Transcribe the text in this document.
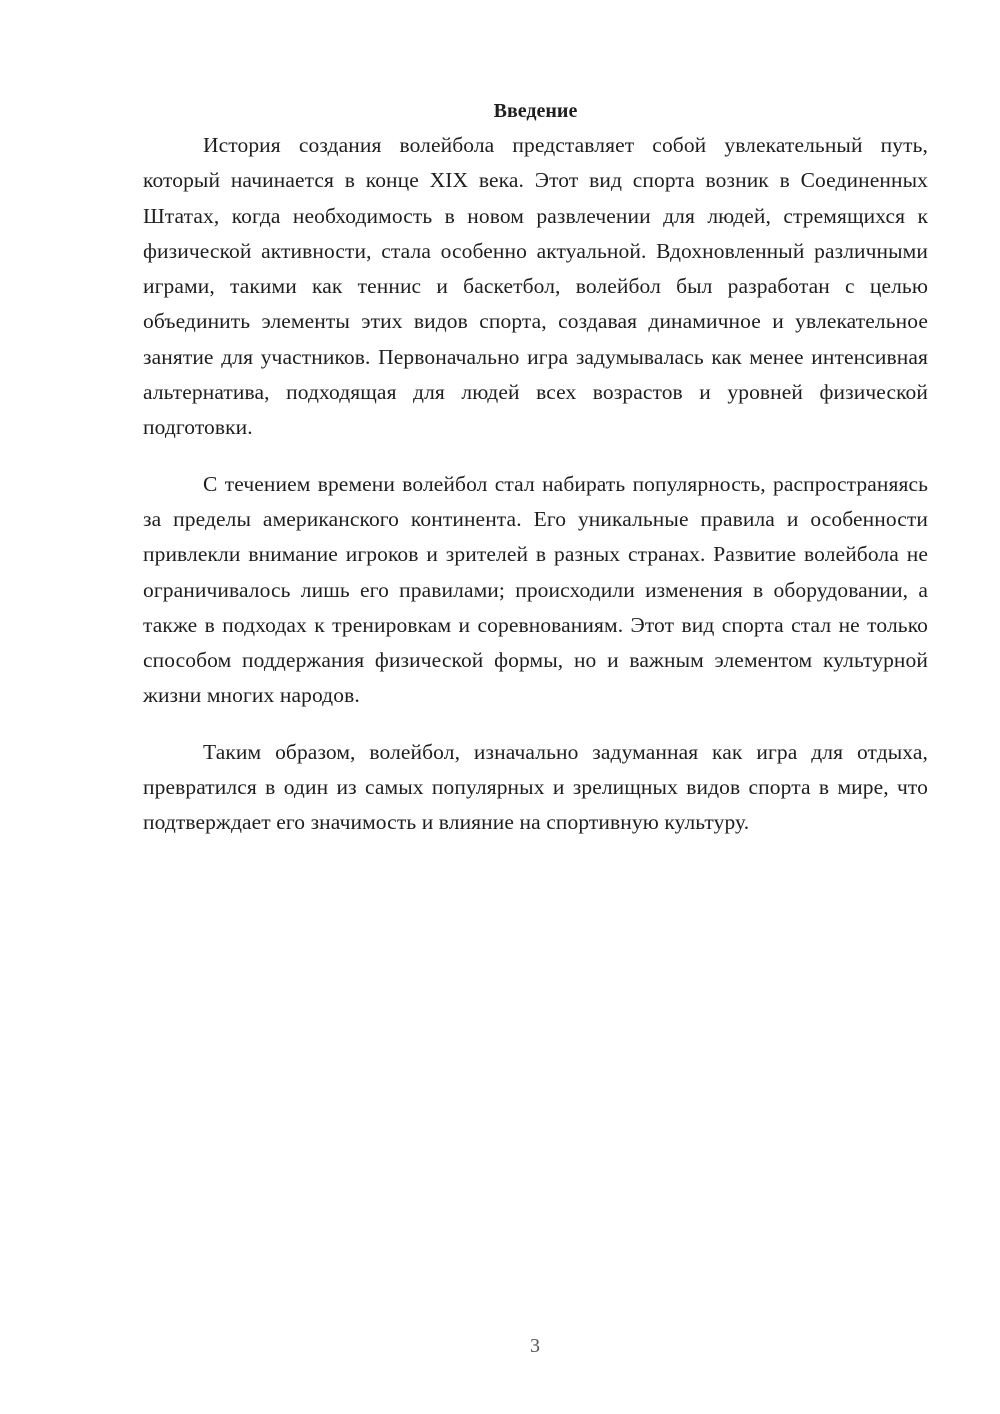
Введение

История создания волейбола представляет собой увлекательный путь, который начинается в конце XIX века. Этот вид спорта возник в Соединенных Штатах, когда необходимость в новом развлечении для людей, стремящихся к физической активности, стала особенно актуальной. Вдохновленный различными играми, такими как теннис и баскетбол, волейбол был разработан с целью объединить элементы этих видов спорта, создавая динамичное и увлекательное занятие для участников. Первоначально игра задумывалась как менее интенсивная альтернатива, подходящая для людей всех возрастов и уровней физической подготовки.

С течением времени волейбол стал набирать популярность, распространяясь за пределы американского континента. Его уникальные правила и особенности привлекли внимание игроков и зрителей в разных странах. Развитие волейбола не ограничивалось лишь его правилами; происходили изменения в оборудовании, а также в подходах к тренировкам и соревнованиям. Этот вид спорта стал не только способом поддержания физической формы, но и важным элементом культурной жизни многих народов.

Таким образом, волейбол, изначально задуманная как игра для отдыха, превратился в один из самых популярных и зрелищных видов спорта в мире, что подтверждает его значимость и влияние на спортивную культуру.

3
